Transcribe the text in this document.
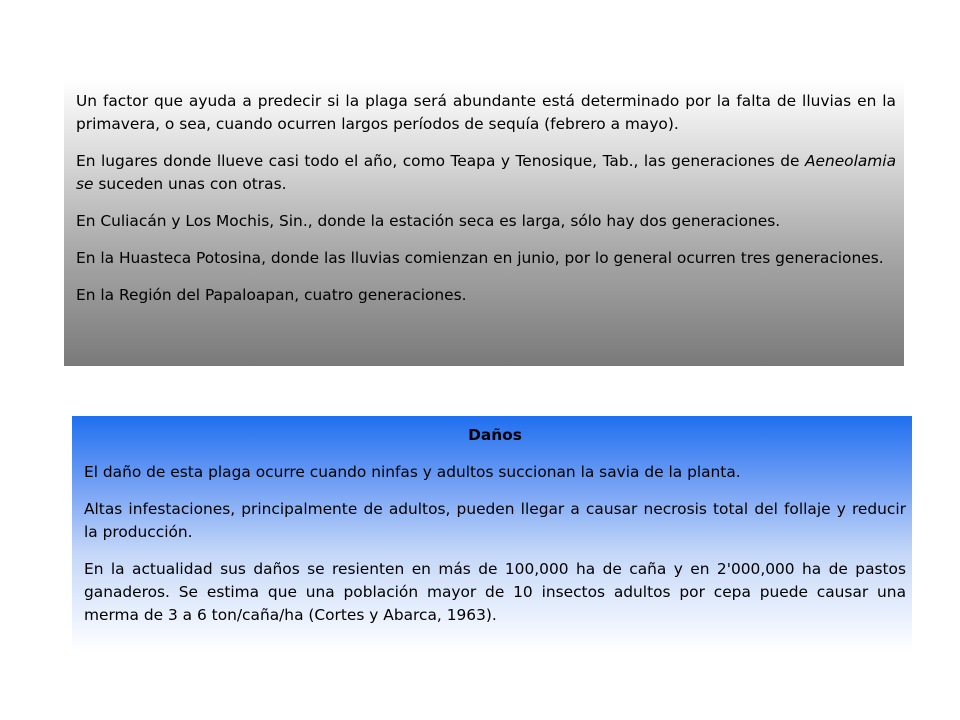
Un factor que ayuda a predecir si la plaga será abundante está determinado por la falta de lluvias en la primavera, o sea, cuando ocurren largos períodos de sequía (febrero a mayo).

En lugares donde llueve casi todo el año, como Teapa y Tenosique, Tab., las generaciones de Aeneolamia se suceden unas con otras.

En Culiacán y Los Mochis, Sin., donde la estación seca es larga, sólo hay dos generaciones.

En la Huasteca Potosina, donde las lluvias comienzan en junio, por lo general ocurren tres generaciones.

En la Región del Papaloapan, cuatro generaciones.

Daños

El daño de esta plaga ocurre cuando ninfas y adultos succionan la savia de la planta.

Altas infestaciones, principalmente de adultos, pueden llegar a causar necrosis total del follaje y reducir la producción.

En la actualidad sus daños se resienten en más de 100,000 ha de caña y en 2'000,000 ha de pastos ganaderos. Se estima que una población mayor de 10 insectos adultos por cepa puede causar una merma de 3 a 6 ton/caña/ha (Cortes y Abarca, 1963).
